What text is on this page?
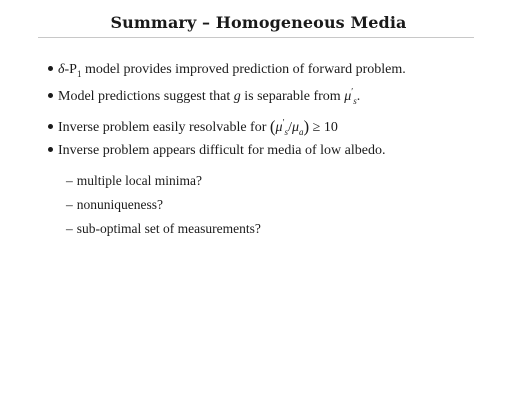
Summary – Homogeneous Media
$\delta-P_1$ model provides improved prediction of forward problem.
Model predictions suggest that g is separable from $\mu'_s$.
Inverse problem easily resolvable for $(\mu'_s/\mu_a) \ge 10$
Inverse problem appears difficult for media of low albedo.
– multiple local minima?
– nonuniqueness?
– sub-optimal set of measurements?
